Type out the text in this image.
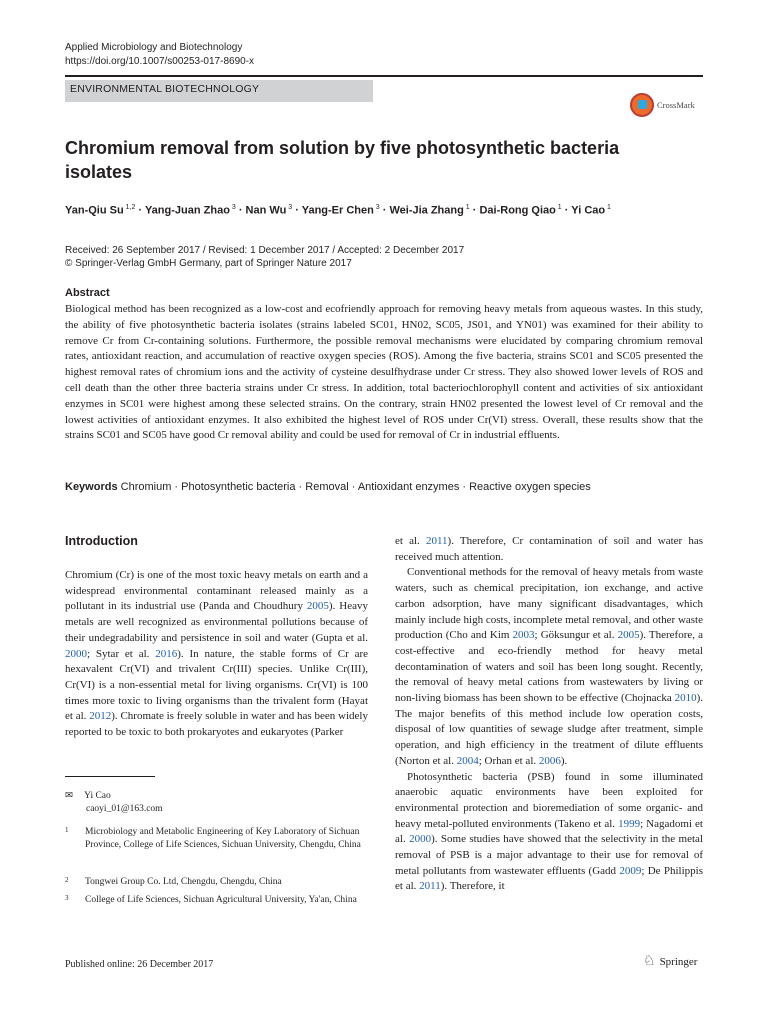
Applied Microbiology and Biotechnology
https://doi.org/10.1007/s00253-017-8690-x
ENVIRONMENTAL BIOTECHNOLOGY
CrossMark
Chromium removal from solution by five photosynthetic bacteria isolates
Yan-Qiu Su $^{1,2}$ · Yang-Juan Zhao $^3$ · Nan Wu $^3$ · Yang-Er Chen $^3$ · Wei-Jia Zhang $^1$ · Dai-Rong Qiao $^1$ · Yi Cao $^1$
Received: 26 September 2017 / Revised: 1 December 2017 / Accepted: 2 December 2017
© Springer-Verlag GmbH Germany, part of Springer Nature 2017
Abstract
Biological method has been recognized as a low-cost and ecofriendly approach for removing heavy metals from aqueous wastes. In this study, the ability of five photosynthetic bacteria isolates (strains labeled SC01, HN02, SC05, JS01, and YN01) was examined for their ability to remove Cr from Cr-containing solutions. Furthermore, the possible removal mechanisms were elucidated by comparing chromium removal rates, antioxidant reaction, and accumulation of reactive oxygen species (ROS). Among the five bacteria, strains SC01 and SC05 presented the highest removal rates of chromium ions and the activity of cysteine desulfhydrase under Cr stress. They also showed lower levels of ROS and cell death than the other three bacteria strains under Cr stress. In addition, total bacteriochlorophyll content and activities of six antioxidant enzymes in SC01 were highest among these selected strains. On the contrary, strain HN02 presented the lowest level of Cr removal and the lowest activities of antioxidant enzymes. It also exhibited the highest level of ROS under Cr(VI) stress. Overall, these results show that the strains SC01 and SC05 have good Cr removal ability and could be used for removal of Cr in industrial effluents.
Keywords Chromium · Photosynthetic bacteria · Removal · Antioxidant enzymes · Reactive oxygen species
Introduction

Chromium (Cr) is one of the most toxic heavy metals on earth and a widespread environmental contaminant released mainly as a pollutant in its industrial use (Panda and Choudhury 2005). Heavy metals are well recognized as environmental pollutions because of their undegradability and persistence in soil and water (Gupta et al. 2000; Sytar et al. 2016). In nature, the stable forms of Cr are hexavalent Cr(VI) and trivalent Cr(III) species. Unlike Cr(III), Cr(VI) is a non-essential metal for living organisms. Cr(VI) is 100 times more toxic to living organisms than the trivalent form (Hayat et al. 2012). Chromate is freely soluble in water and has been widely reported to be toxic to both prokaryotes and eukaryotes (Parker

et al. 2011). Therefore, Cr contamination of soil and water has received much attention.

Conventional methods for the removal of heavy metals from waste waters, such as chemical precipitation, ion exchange, and active carbon adsorption, have many significant disadvantages, which mainly include high costs, incomplete metal removal, and other waste production (Cho and Kim 2003; Göksungur et al. 2005). Therefore, a cost-effective and eco-friendly method for heavy metal decontamination of waters and soil has been long sought. Recently, the removal of heavy metal cations from wastewaters by living or non-living biomass has been shown to be effective (Chojnacka 2010). The major benefits of this method include low operation costs, disposal of low quantities of sewage sludge after treatment, simple operation, and high efficiency in the treatment of dilute effluents (Norton et al. 2004; Orhan et al. 2006).

Photosynthetic bacteria (PSB) found in some illuminated anaerobic aquatic environments have been exploited for environmental protection and bioremediation of some organic- and heavy metal-polluted environments (Takeno et al. 1999; Nagadomi et al. 2000). Some studies have showed that the selectivity in the metal removal of PSB is a major advantage to their use for removal of metal pollutants from wastewater effluents (Gadd 2009; De Philippis et al. 2011). Therefore, it

✉ Yi Cao
caoyi_01@163.com
1 Microbiology and Metabolic Engineering of Key Laboratory of Sichuan Province, College of Life Sciences, Sichuan University, Chengdu, China
2 Tongwei Group Co. Ltd, Chengdu, Chengdu, China
3 College of Life Sciences, Sichuan Agricultural University, Ya'an, China
Published online: 26 December 2017	♘ Springer
